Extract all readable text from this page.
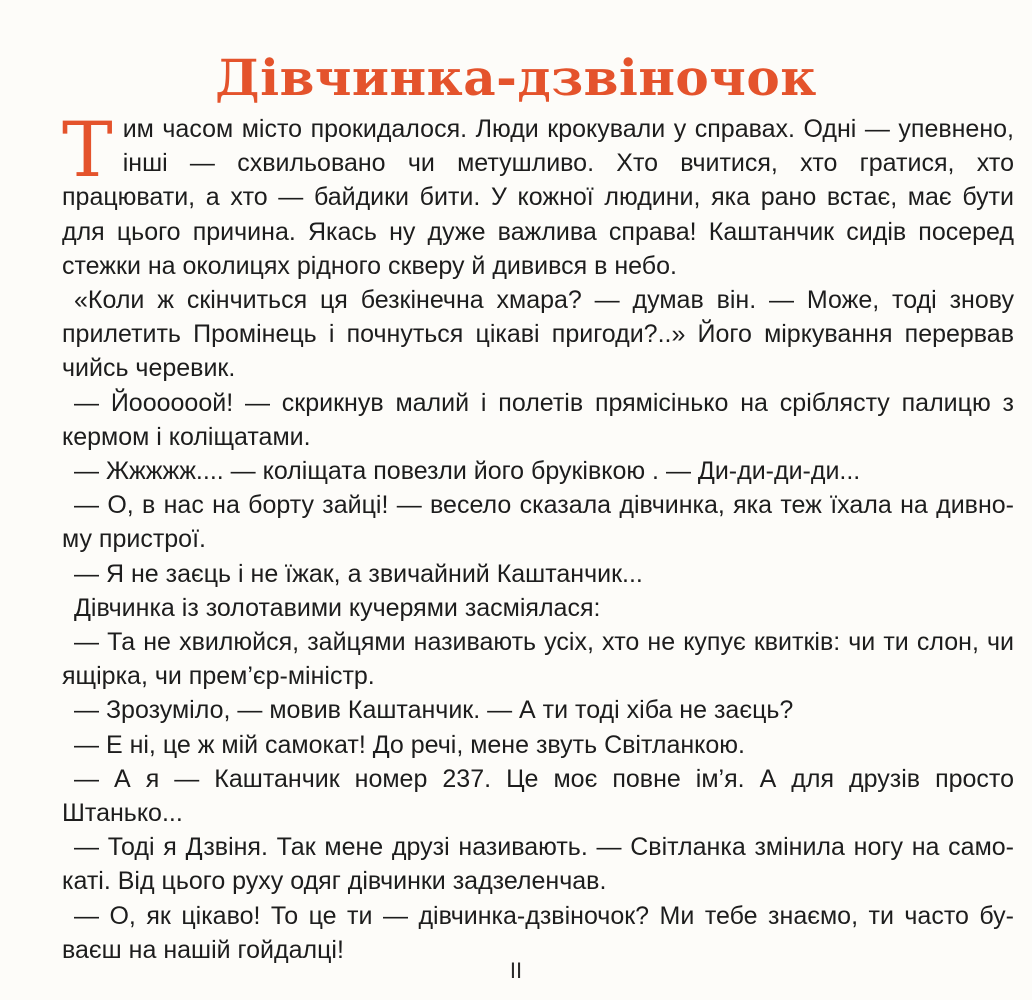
Дівчинка-дзвіночок

Тим часом місто прокидалося. Люди крокували у справах. Одні — упевнено, інші — схвильовано чи метушливо. Хто вчитися, хто гратися, хто працювати, а хто — байдики бити. У кожної людини, яка рано встає, має бути для цього причина. Якась ну дуже важлива справа! Каштанчик сидів посеред стежки на околицях рідного скверу й дивився в небо.

«Коли ж скінчиться ця безкінечна хмара? — думав він. — Може, тоді знову прилетить Промінець і почнуться цікаві пригоди?..» Його міркування перервав чийсь черевик.

— Йоооооой! — скрикнув малий і полетів прямісінько на сріблясту палицю з кермом і коліщатами.

— Жжжжж.... — коліщата повезли його бруківкою . — Ди-ди-ди-ди...

— О, в нас на борту зайці! — весело сказала дівчинка, яка теж їхала на дивному пристрої.

— Я не заєць і не їжак, а звичайний Каштанчик...

Дівчинка із золотавими кучерями засміялася:

— Та не хвилюйся, зайцями називають усіх, хто не купує квитків: чи ти слон, чи ящірка, чи прем’єр-міністр.

— Зрозуміло, — мовив Каштанчик. — А ти тоді хіба не заєць?

— Е ні, це ж мій самокат! До речі, мене звуть Світланкою.

— А я — Каштанчик номер 237. Це моє повне ім’я. А для друзів просто Штанько...

— Тоді я Дзвіня. Так мене друзі називають. — Світланка змінила ногу на самокаті. Від цього руху одяг дівчинки задзеленчав.

— О, як цікаво! То це ти — дівчинка-дзвіночок? Ми тебе знаємо, ти часто буваєш на нашій гойдалці!

II
